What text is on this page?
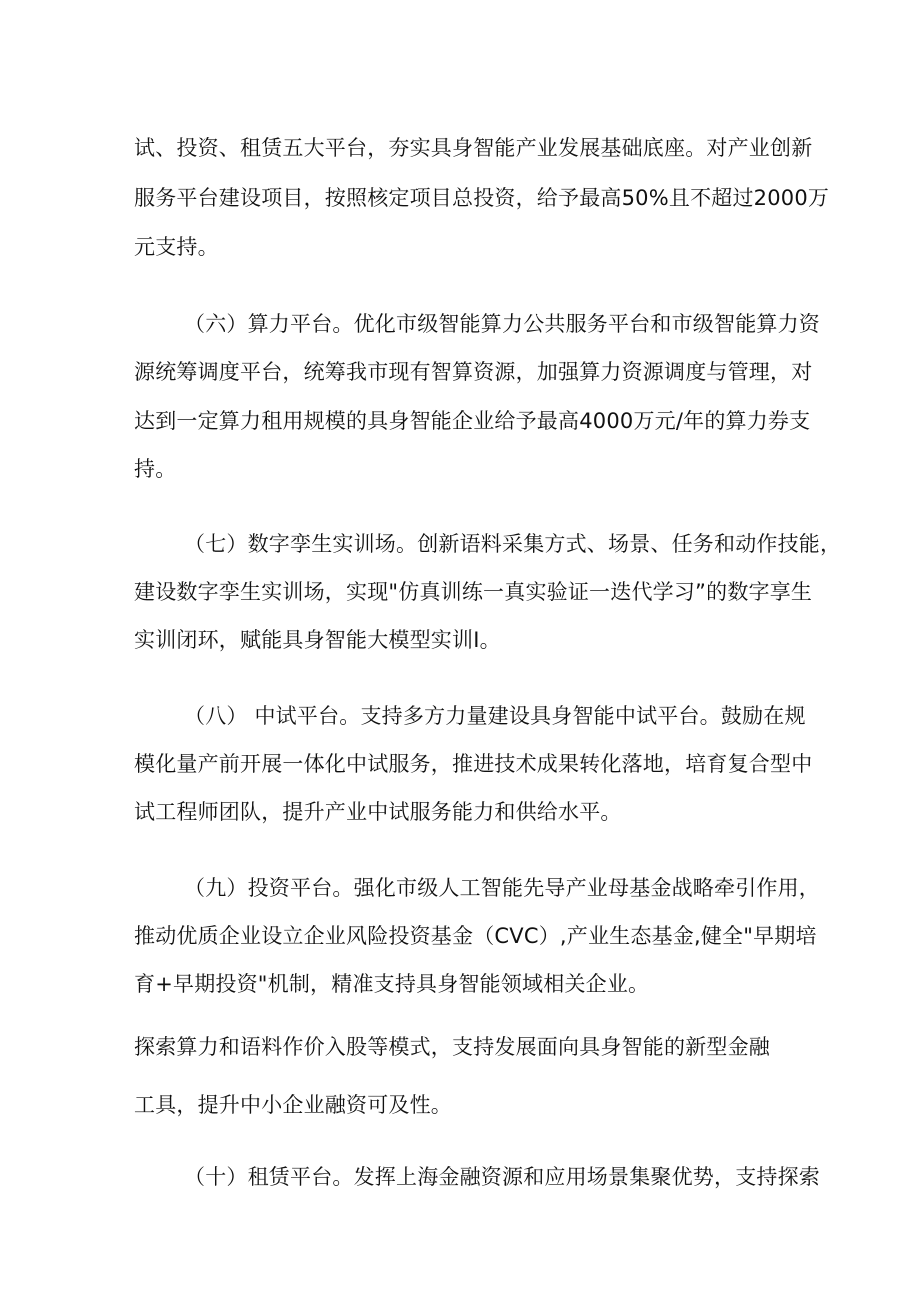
试、投资、租赁五大平台，夯实具身智能产业发展基础底座。对产业创新
服务平台建设项目，按照核定项目总投资，给予最高50%且不超过2000万
元支持。
（六）算力平台。优化市级智能算力公共服务平台和市级智能算力资
源统筹调度平台，统筹我市现有智算资源，加强算力资源调度与管理，对
达到一定算力租用规模的具身智能企业给予最高4000万元/年的算力券支
持。
（七）数字孪生实训场。创新语料采集方式、场景、任务和动作技能，
建设数字孪生实训场，实现"仿真训练一真实验证一迭代学习”的数字享生
实训闭环，赋能具身智能大模型实训I。
（八） 中试平台。支持多方力量建设具身智能中试平台。鼓励在规
模化量产前开展一体化中试服务，推进技术成果转化落地，培育复合型中
试工程师团队，提升产业中试服务能力和供给水平。
（九）投资平台。强化市级人工智能先导产业母基金战略牵引作用，
推动优质企业设立企业风险投资基金（CVC）,产业生态基金,健全"早期培
育+早期投资"机制，精准支持具身智能领域相关企业。
探索算力和语料作价入股等模式，支持发展面向具身智能的新型金融
工具，提升中小企业融资可及性。
（十）租赁平台。发挥上海金融资源和应用场景集聚优势，支持探索
